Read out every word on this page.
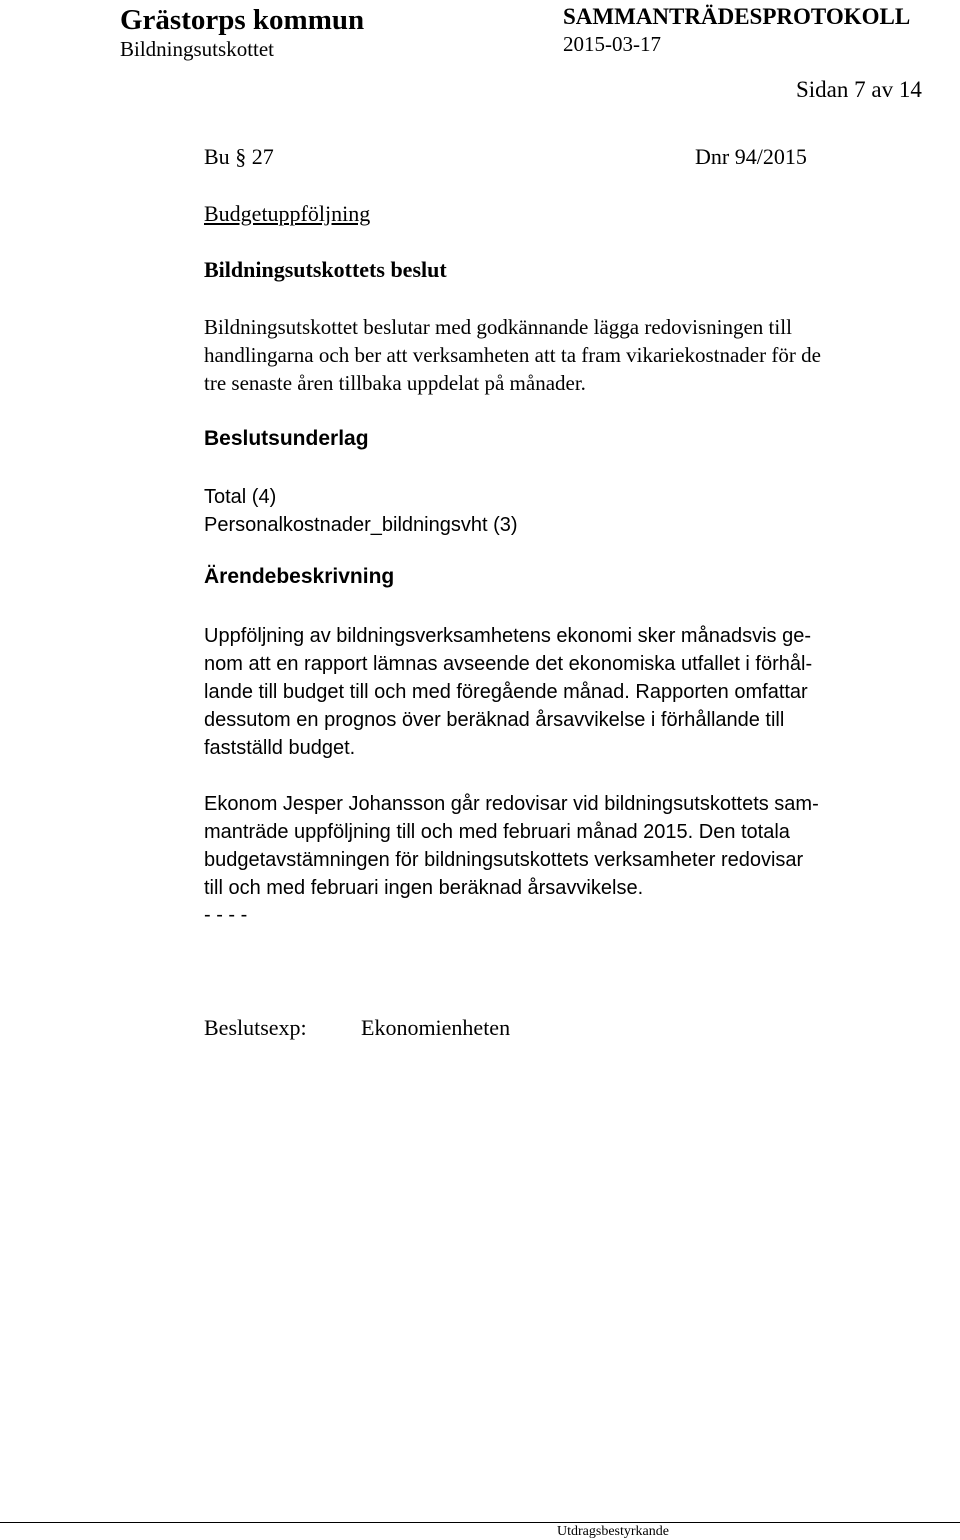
Grästorps kommun	SAMMANTRÄDESPROTOKOLL
Bildningsutskottet	2015-03-17
Sidan 7 av 14
Bu § 27	Dnr 94/2015
Budgetuppföljning
Bildningsutskottets beslut
Bildningsutskottet beslutar med godkännande lägga redovisningen till
handlingarna och ber att verksamheten att ta fram vikariekostnader för de
tre senaste åren tillbaka uppdelat på månader.
Beslutsunderlag
Total (4)
Personalkostnader_bildningsvht (3)
Ärendebeskrivning
Uppföljning av bildningsverksamhetens ekonomi sker månadsvis ge-
nom att en rapport lämnas avseende det ekonomiska utfallet i förhål-
lande till budget till och med föregående månad. Rapporten omfattar
dessutom en prognos över beräknad årsavvikelse i förhållande till
fastställd budget.
Ekonom Jesper Johansson går redovisar vid bildningsutskottets sam-
manträde uppföljning till och med februari månad 2015. Den totala
budgetavstämningen för bildningsutskottets verksamheter redovisar
till och med februari ingen beräknad årsavvikelse.
- - - -
Beslutsexp: Ekonomienheten
Utdragsbestyrkande
